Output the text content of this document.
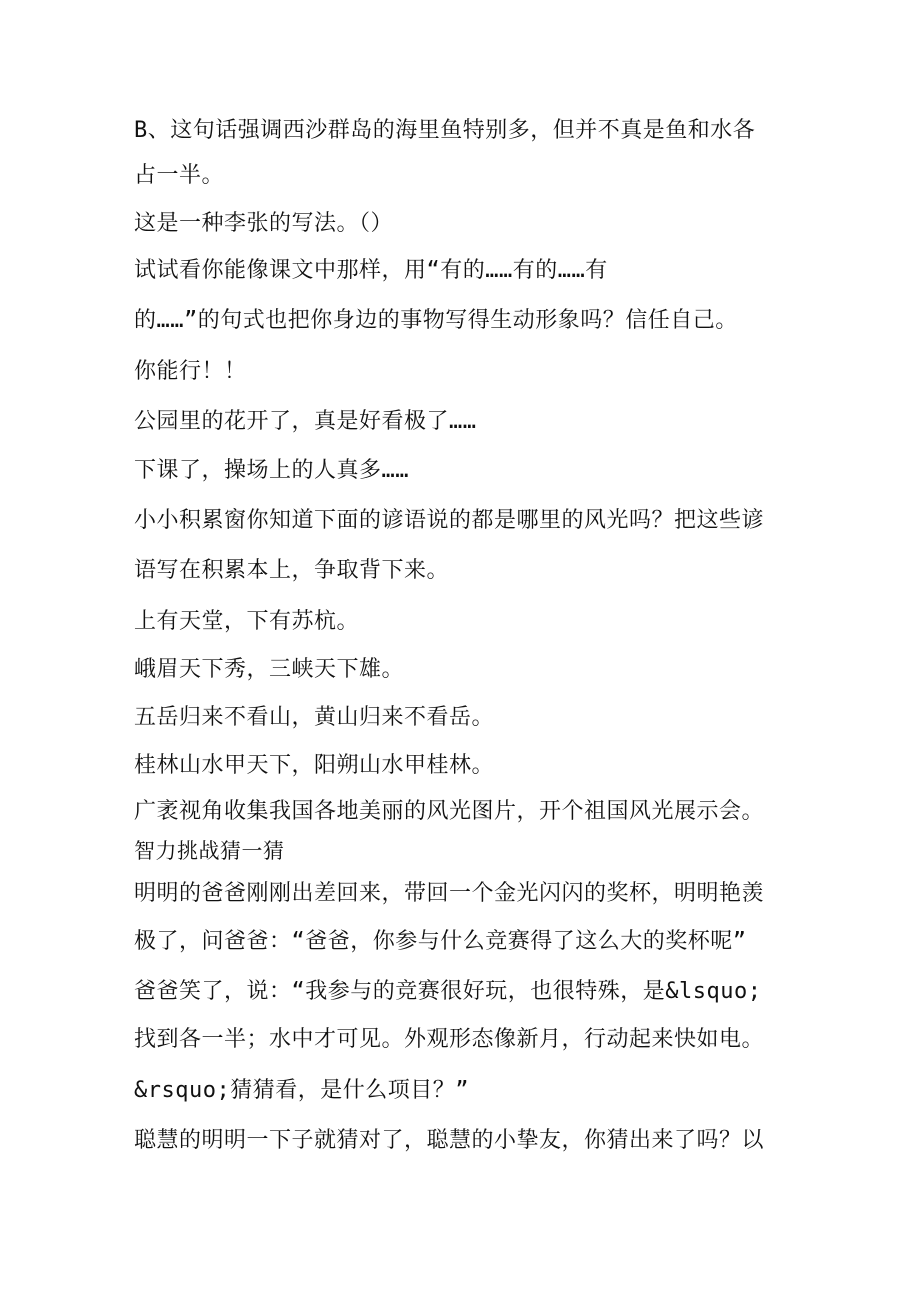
B、这句话强调西沙群岛的海里鱼特别多，但并不真是鱼和水各

占一半。

这是一种李张的写法。（）

试试看你能像课文中那样，用“有的……有的……有

的……”的句式也把你身边的事物写得生动形象吗？信任自己。

你能行！！

公园里的花开了，真是好看极了……

下课了，操场上的人真多……

小小积累窗你知道下面的谚语说的都是哪里的风光吗？把这些谚

语写在积累本上，争取背下来。

上有天堂，下有苏杭。

峨眉天下秀，三峡天下雄。

五岳归来不看山，黄山归来不看岳。

桂林山水甲天下，阳朔山水甲桂林。

广袤视角收集我国各地美丽的风光图片，开个祖国风光展示会。

智力挑战猜一猜

明明的爸爸刚刚出差回来，带回一个金光闪闪的奖杯，明明艳羡

极了，问爸爸：“爸爸，你参与什么竞赛得了这么大的奖杯呢”

爸爸笑了，说：“我参与的竞赛很好玩，也很特殊，是&lsquo;

找到各一半；水中才可见。外观形态像新月，行动起来快如电。

&rsquo;猜猜看，是什么项目？”

聪慧的明明一下子就猜对了，聪慧的小挚友，你猜出来了吗？以
